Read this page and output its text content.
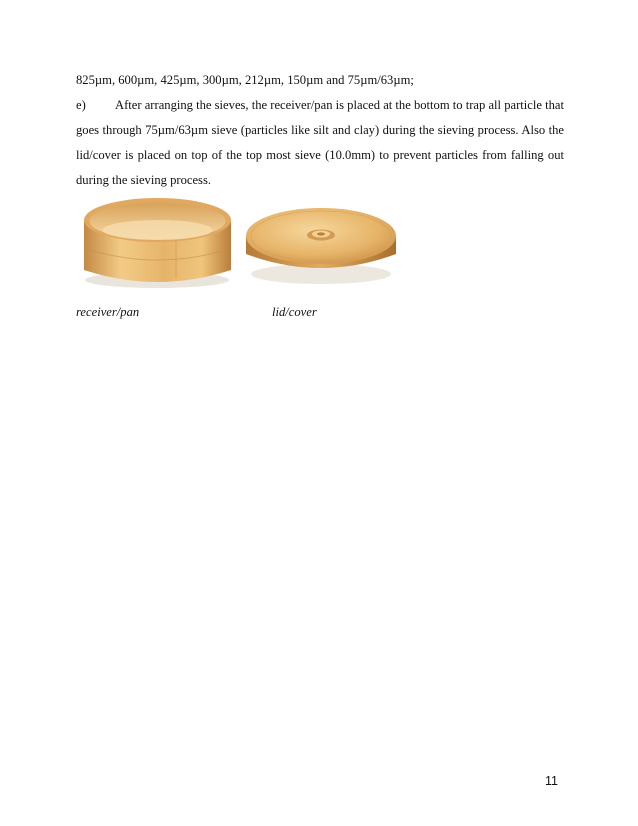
825µm, 600µm, 425µm, 300µm, 212µm, 150µm and 75µm/63µm;
e) After arranging the sieves, the receiver/pan is placed at the bottom to trap all particle that goes through 75µm/63µm sieve (particles like silt and clay) during the sieving process. Also the lid/cover is placed on top of the top most sieve (10.0mm) to prevent particles from falling out during the sieving process.
receiver/pan	lid/cover
11
